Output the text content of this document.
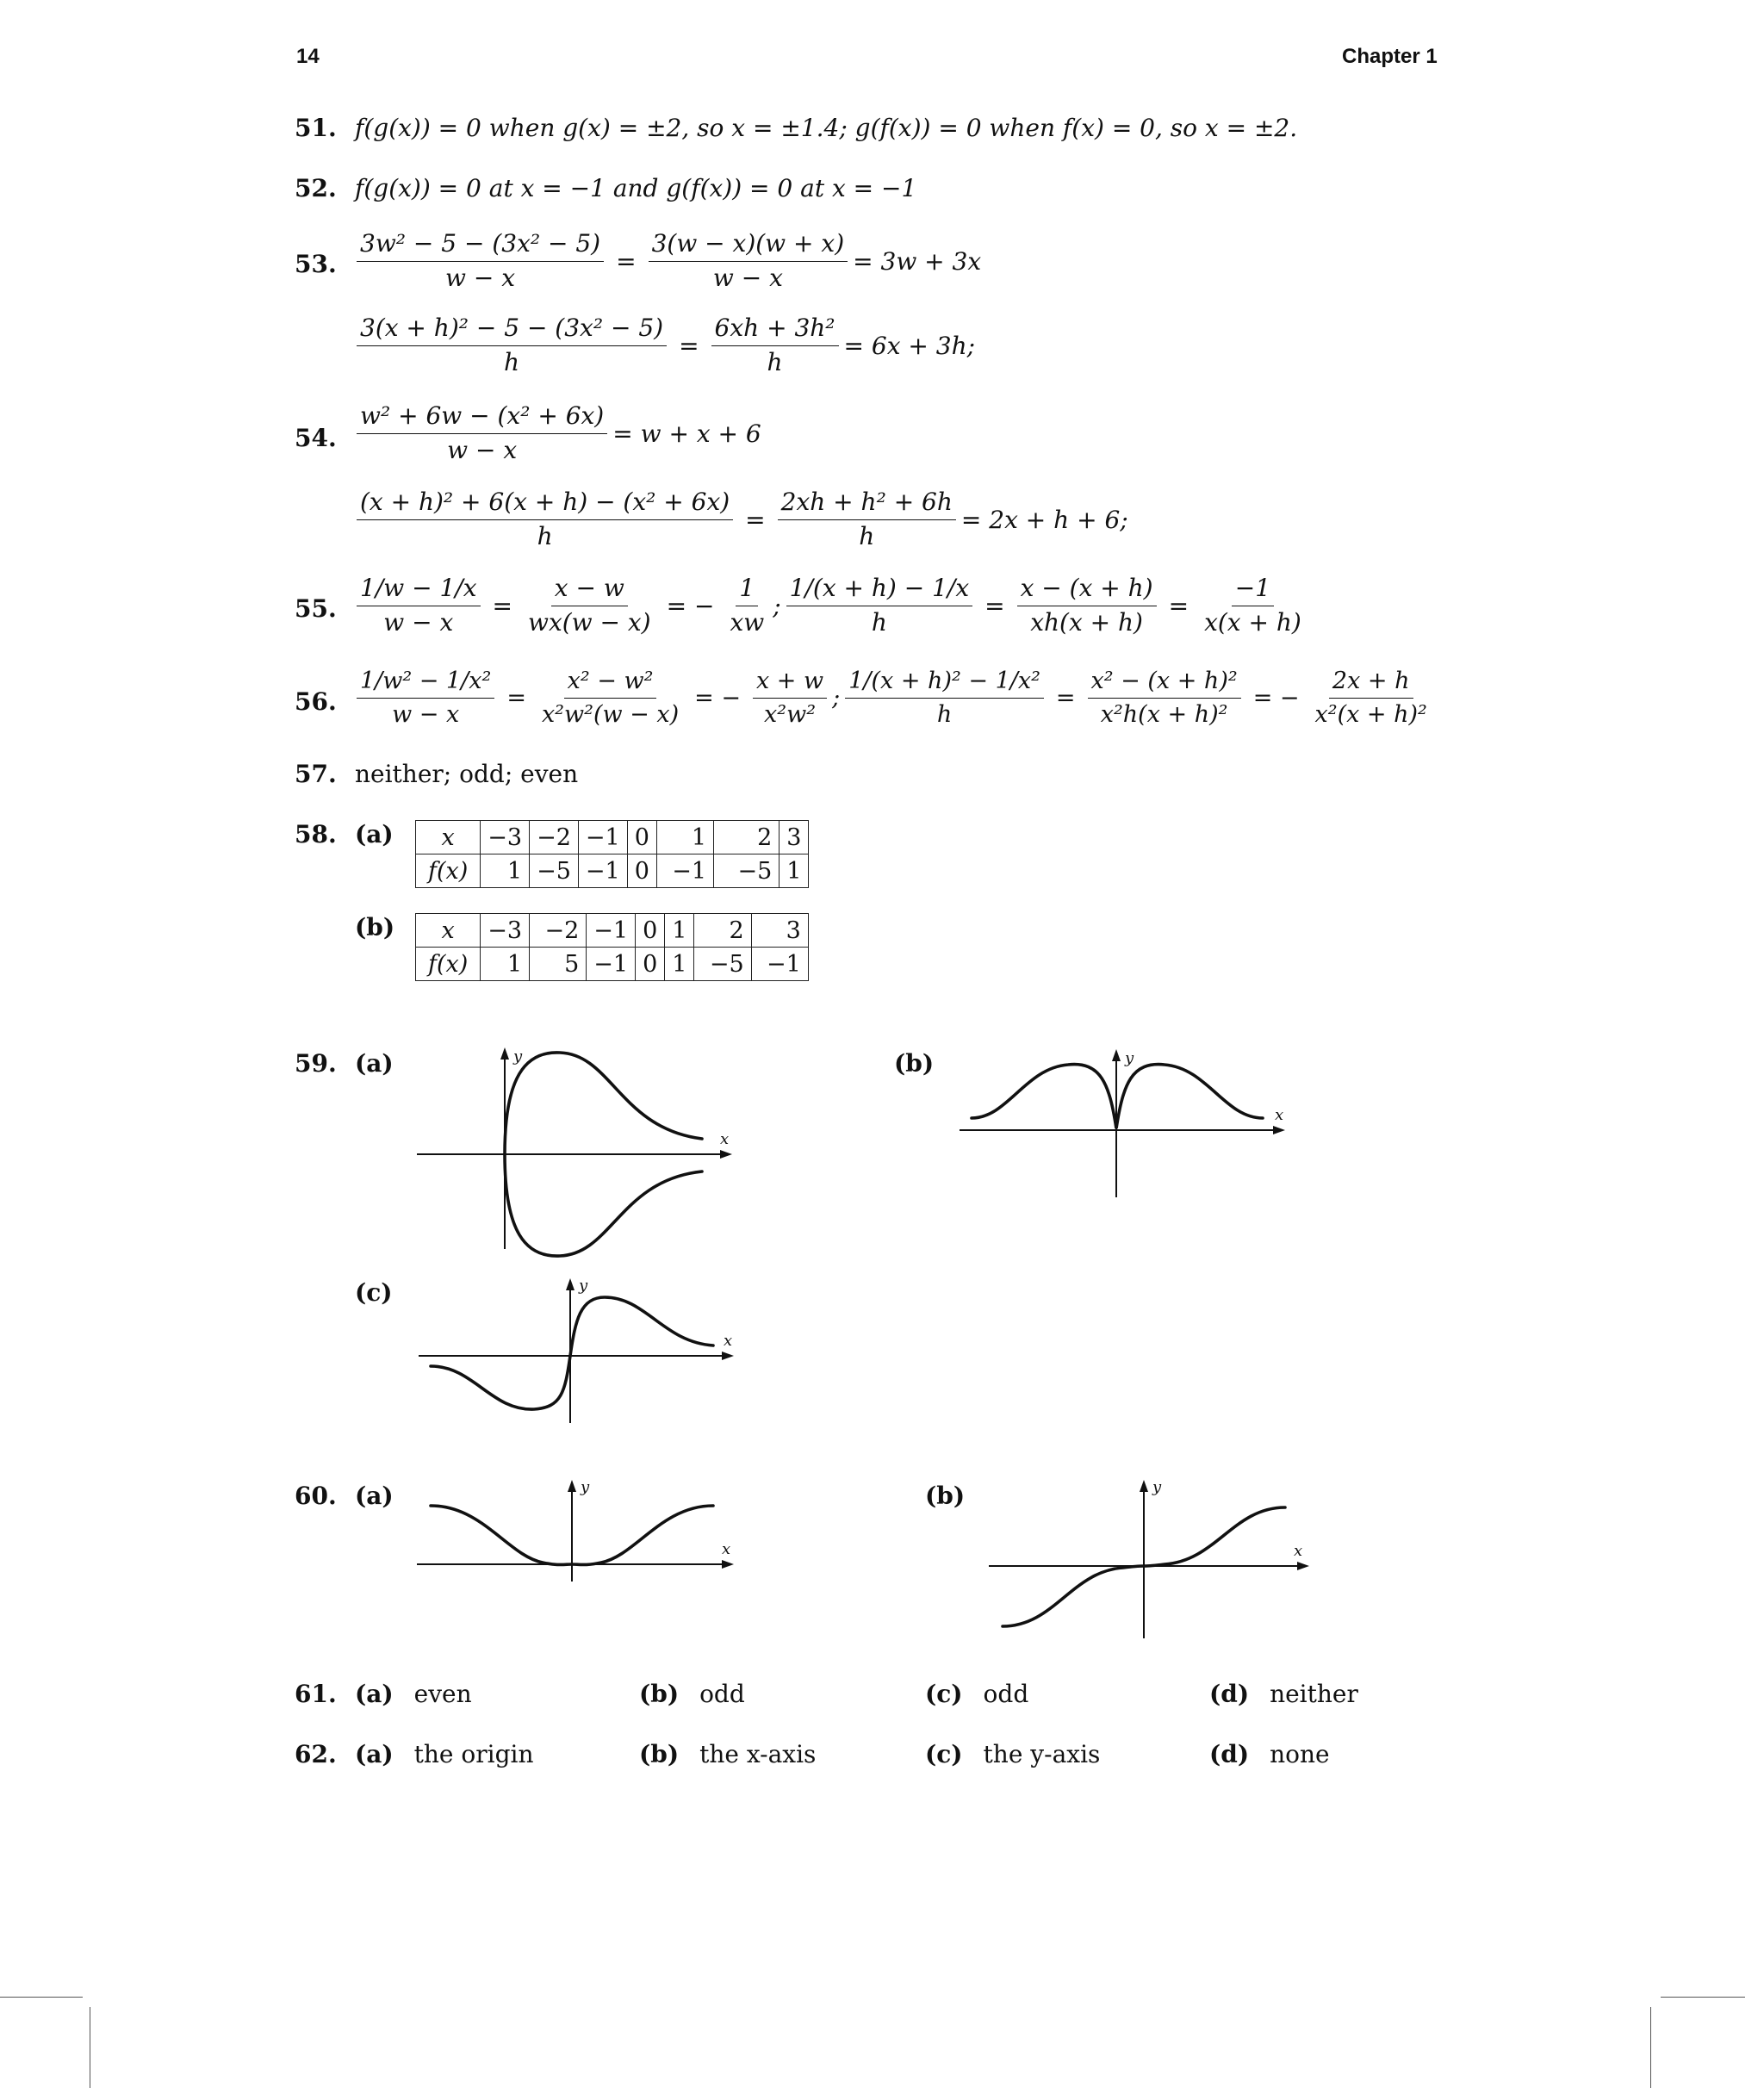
14	Chapter 1
51. f(g(x)) = 0 when g(x) = ±2, so x = ±1.4; g(f(x)) = 0 when f(x) = 0, so x = ±2.
52. f(g(x)) = 0 at x = −1 and g(f(x)) = 0 at x = −1
53. $\frac{\text{3w² − 5 − (3x² − 5)}}{w - x} = \frac{3(w - x)(w + x)}{w - x} = 3w + 3x$
$\frac{\text{3(x + h)² − 5 − (3x² − 5)}}{h} = \frac{\text{6xh + 3h²}}{h} = 6x + 3h$;
54. $\frac{\text{w² + 6w − (x² + 6x)}}{w - x} = w + x + 6$
$\frac{\text{(x + h)² + 6(x + h) − (x² + 6x)}}{h} = \frac{\text{2xh + h² + 6h}}{h} = 2x + h + 6$;
55. $\frac{1/w - 1/x}{w - x} = \frac{x - w}{wx(w - x)}$ = − $\frac{1}{xw}$ ; $\frac{1/(x + h) - 1/x}{h} = \frac{x - (x + h)}{xh(x + h)} = \frac{-1}{x(x + h)}$
56. $\frac{\text{1/w² − 1/x²}}{w - x} = \frac{\text{x² − w²}}{\text{x²w²(w − x)}}$ = − $\frac{x + w}{\text{x²w²}}$ ; $\frac{\text{1/(x + h)² − 1/x²}}{h} = \frac{\text{x² − (x + h)²}}{\text{x²h(x + h)²}}$ = − $\frac{2x + h}{\text{x²(x + h)²}}$
57. neither; odd; even
58. (a) x	−3	−2	−1	0	1	2	3
f(x)	1	−5	−1	0	−1	−5	1
(b) x	−3	−2	−1	0	1	2	3
f(x)	1	5	−1	0	1	−5	−1
59. (a)
x
y	(b)
x
y
(c)
x
y
60. (a)
x
y	(b)
x
y
61. (a) even	(b) odd	(c) odd	(d) neither
62. (a) the origin	(b) the x-axis	(c) the y-axis	(d) none
